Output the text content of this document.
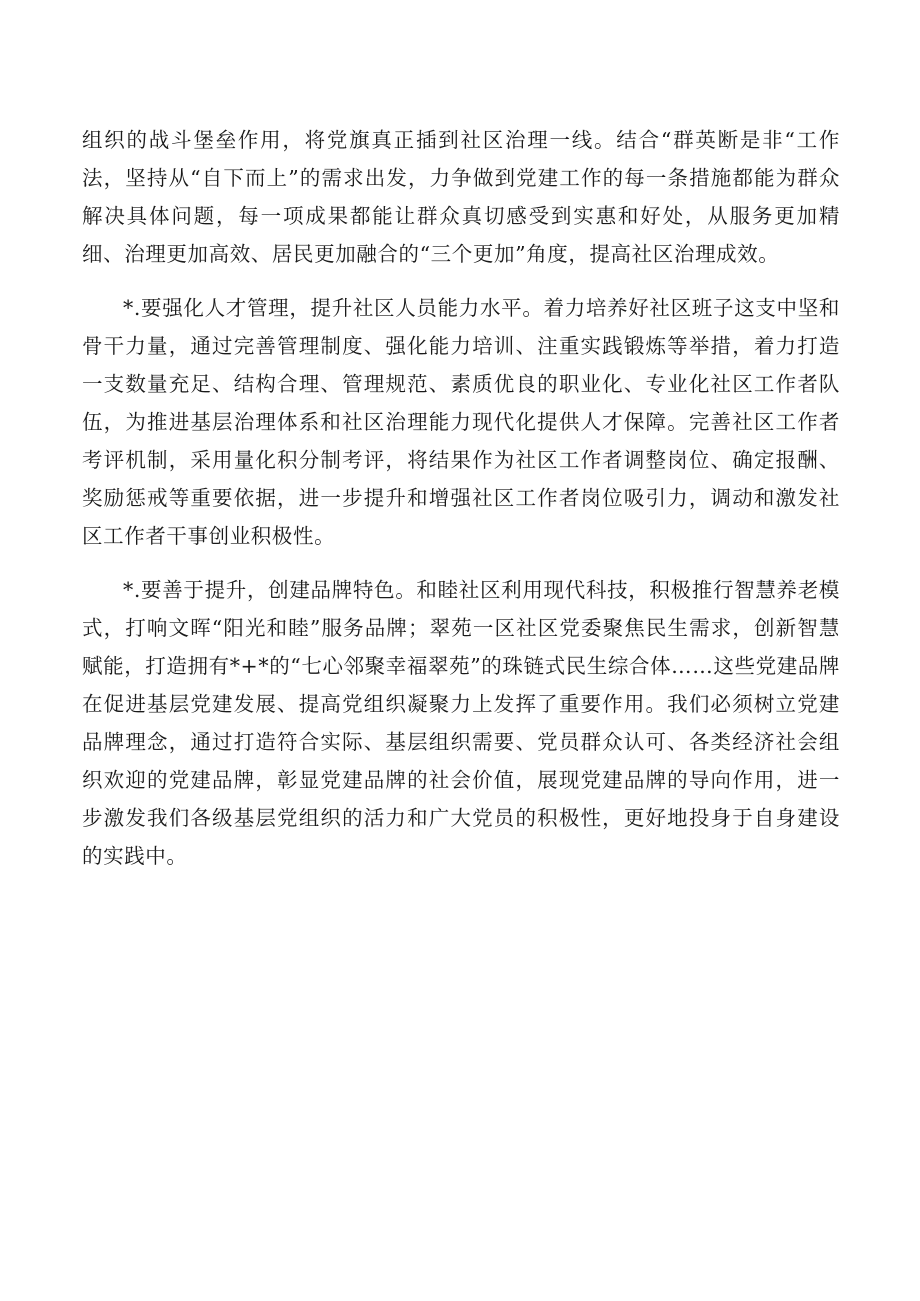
组织的战斗堡垒作用，将党旗真正插到社区治理一线。结合“群英断是非“工作法，坚持从“自下而上”的需求出发，力争做到党建工作的每一条措施都能为群众解决具体问题，每一项成果都能让群众真切感受到实惠和好处，从服务更加精细、治理更加高效、居民更加融合的“三个更加”角度，提高社区治理成效。

*.要强化人才管理，提升社区人员能力水平。着力培养好社区班子这支中坚和骨干力量，通过完善管理制度、强化能力培训、注重实践锻炼等举措，着力打造一支数量充足、结构合理、管理规范、素质优良的职业化、专业化社区工作者队伍，为推进基层治理体系和社区治理能力现代化提供人才保障。完善社区工作者考评机制，采用量化积分制考评，将结果作为社区工作者调整岗位、确定报酬、奖励惩戒等重要依据，进一步提升和增强社区工作者岗位吸引力，调动和激发社区工作者干事创业积极性。

*.要善于提升，创建品牌特色。和睦社区利用现代科技，积极推行智慧养老模式，打响文晖“阳光和睦”服务品牌；翠苑一区社区党委聚焦民生需求，创新智慧赋能，打造拥有*+*的“七心邻聚幸福翠苑”的珠链式民生综合体……这些党建品牌在促进基层党建发展、提高党组织凝聚力上发挥了重要作用。我们必须树立党建品牌理念，通过打造符合实际、基层组织需要、党员群众认可、各类经济社会组织欢迎的党建品牌，彰显党建品牌的社会价值，展现党建品牌的导向作用，进一步激发我们各级基层党组织的活力和广大党员的积极性，更好地投身于自身建设的实践中。
